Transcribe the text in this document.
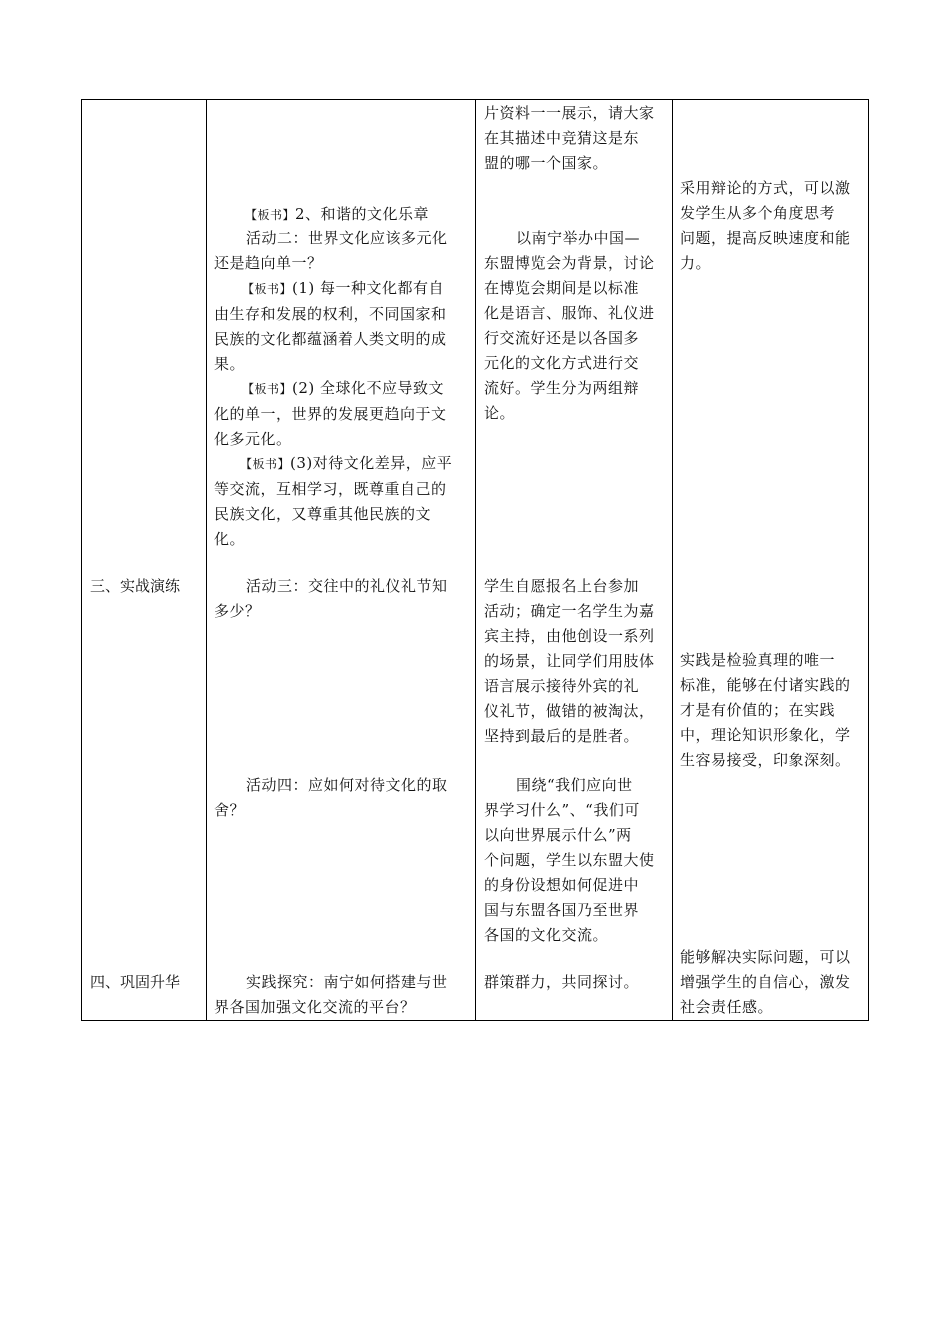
三、实战演练
四、巩固升华
【板书】2、和谐的文化乐章
活动二：世界文化应该多元化
还是趋向单一？
【板书】(1) 每一种文化都有自
由生存和发展的权利，不同国家和
民族的文化都蕴涵着人类文明的成
果。
【板书】(2) 全球化不应导致文
化的单一，世界的发展更趋向于文
化多元化。
【板书】(3)对待文化差异，应平
等交流，互相学习，既尊重自己的
民族文化，又尊重其他民族的文
化。
活动三：交往中的礼仪礼节知
多少？
活动四：应如何对待文化的取
舍？
实践探究：南宁如何搭建与世
界各国加强文化交流的平台？
片资料一一展示，请大家
在其描述中竞猜这是东
盟的哪一个国家。
以南宁举办中国—
东盟博览会为背景，讨论
在博览会期间是以标准
化是语言、服饰、礼仪进
行交流好还是以各国多
元化的文化方式进行交
流好。学生分为两组辩
论。
学生自愿报名上台参加
活动；确定一名学生为嘉
宾主持，由他创设一系列
的场景，让同学们用肢体
语言展示接待外宾的礼
仪礼节，做错的被淘汰，
坚持到最后的是胜者。
围绕“我们应向世
界学习什么”、“我们可
以向世界展示什么”两
个问题，学生以东盟大使
的身份设想如何促进中
国与东盟各国乃至世界
各国的文化交流。
群策群力，共同探讨。
采用辩论的方式，可以激
发学生从多个角度思考
问题，提高反映速度和能
力。
实践是检验真理的唯一
标准，能够在付诸实践的
才是有价值的；在实践
中，理论知识形象化，学
生容易接受，印象深刻。
能够解决实际问题，可以
增强学生的自信心，激发
社会责任感。
